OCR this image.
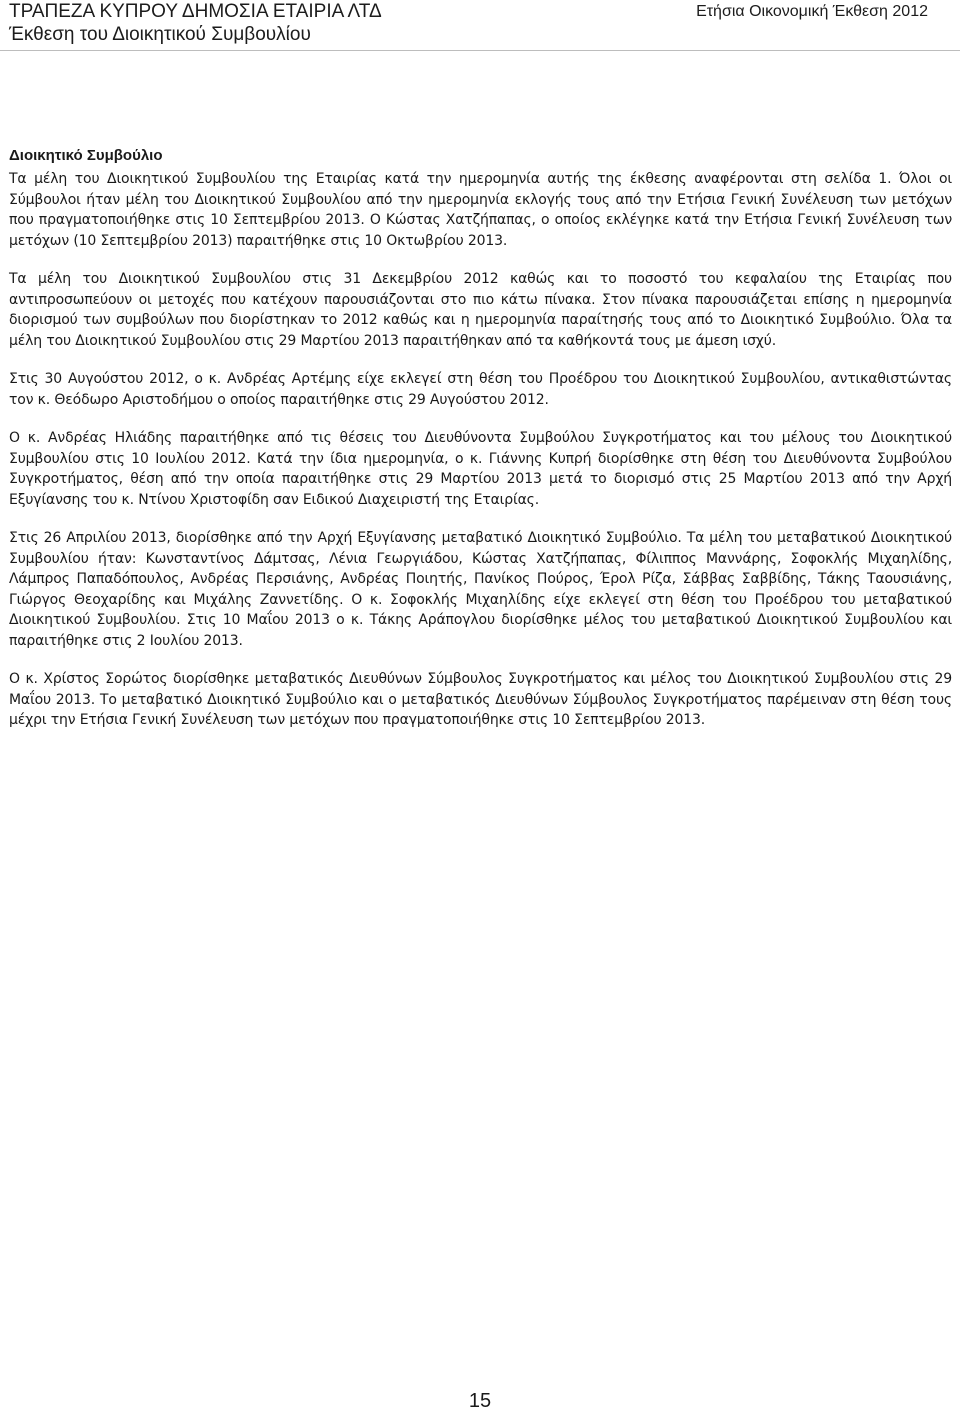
ΤΡΑΠΕΖΑ ΚΥΠΡΟΥ ΔΗΜΟΣΙΑ ΕΤΑΙΡΙΑ ΛΤΔ
Έκθεση του Διοικητικού Συμβουλίου
Ετήσια Οικονομική Έκθεση 2012
Διοικητικό Συμβούλιο

Τα μέλη του Διοικητικού Συμβουλίου της Εταιρίας κατά την ημερομηνία αυτής της έκθεσης αναφέρονται στη σελίδα 1. Όλοι οι Σύμβουλοι ήταν μέλη του Διοικητικού Συμβουλίου από την ημερομηνία εκλογής τους από την Ετήσια Γενική Συνέλευση των μετόχων που πραγματοποιήθηκε στις 10 Σεπτεμβρίου 2013. Ο Κώστας Χατζήπαπας, ο οποίος εκλέγηκε κατά την Ετήσια Γενική Συνέλευση των μετόχων (10 Σεπτεμβρίου 2013) παραιτήθηκε στις 10 Οκτωβρίου 2013.

Τα μέλη του Διοικητικού Συμβουλίου στις 31 Δεκεμβρίου 2012 καθώς και το ποσοστό του κεφαλαίου της Εταιρίας που αντιπροσωπεύουν οι μετοχές που κατέχουν παρουσιάζονται στο πιο κάτω πίνακα. Στον πίνακα παρουσιάζεται επίσης η ημερομηνία διορισμού των συμβούλων που διορίστηκαν το 2012 καθώς και η ημερομηνία παραίτησής τους από το Διοικητικό Συμβούλιο. Όλα τα μέλη του Διοικητικού Συμβουλίου στις 29 Μαρτίου 2013 παραιτήθηκαν από τα καθήκοντά τους με άμεση ισχύ.

Στις 30 Αυγούστου 2012, ο κ. Ανδρέας Αρτέμης είχε εκλεγεί στη θέση του Προέδρου του Διοικητικού Συμβουλίου, αντικαθιστώντας τον κ. Θεόδωρο Αριστοδήμου ο οποίος παραιτήθηκε στις 29 Αυγούστου 2012.

Ο κ. Ανδρέας Ηλιάδης παραιτήθηκε από τις θέσεις του Διευθύνοντα Συμβούλου Συγκροτήματος και του μέλους του Διοικητικού Συμβουλίου στις 10 Ιουλίου 2012. Κατά την ίδια ημερομηνία, ο κ. Γιάννης Κυπρή διορίσθηκε στη θέση του Διευθύνοντα Συμβούλου Συγκροτήματος, θέση από την οποία παραιτήθηκε στις 29 Μαρτίου 2013 μετά το διορισμό στις 25 Μαρτίου 2013 από την Αρχή Εξυγίανσης του κ. Ντίνου Χριστοφίδη σαν Ειδικού Διαχειριστή της Εταιρίας.

Στις 26 Απριλίου 2013, διορίσθηκε από την Αρχή Εξυγίανσης μεταβατικό Διοικητικό Συμβούλιο. Τα μέλη του μεταβατικού Διοικητικού Συμβουλίου ήταν: Κωνσταντίνος Δάμτσας, Λένια Γεωργιάδου, Κώστας Χατζήπαπας, Φίλιππος Μαννάρης, Σοφοκλής Μιχαηλίδης, Λάμπρος Παπαδόπουλος, Ανδρέας Περσιάνης, Ανδρέας Ποιητής, Πανίκος Πούρος, Έρολ Ρίζα, Σάββας Σαββίδης, Τάκης Ταουσιάνης, Γιώργος Θεοχαρίδης και Μιχάλης Ζαννετίδης. Ο κ. Σοφοκλής Μιχαηλίδης είχε εκλεγεί στη θέση του Προέδρου του μεταβατικού Διοικητικού Συμβουλίου. Στις 10 Μαΐου 2013 ο κ. Τάκης Αράπογλου διορίσθηκε μέλος του μεταβατικού Διοικητικού Συμβουλίου και παραιτήθηκε στις 2 Ιουλίου 2013.

Ο κ. Χρίστος Σορώτος διορίσθηκε μεταβατικός Διευθύνων Σύμβουλος Συγκροτήματος και μέλος του Διοικητικού Συμβουλίου στις 29 Μαΐου 2013. Το μεταβατικό Διοικητικό Συμβούλιο και ο μεταβατικός Διευθύνων Σύμβουλος Συγκροτήματος παρέμειναν στη θέση τους μέχρι την Ετήσια Γενική Συνέλευση των μετόχων που πραγματοποιήθηκε στις 10 Σεπτεμβρίου 2013.

15
